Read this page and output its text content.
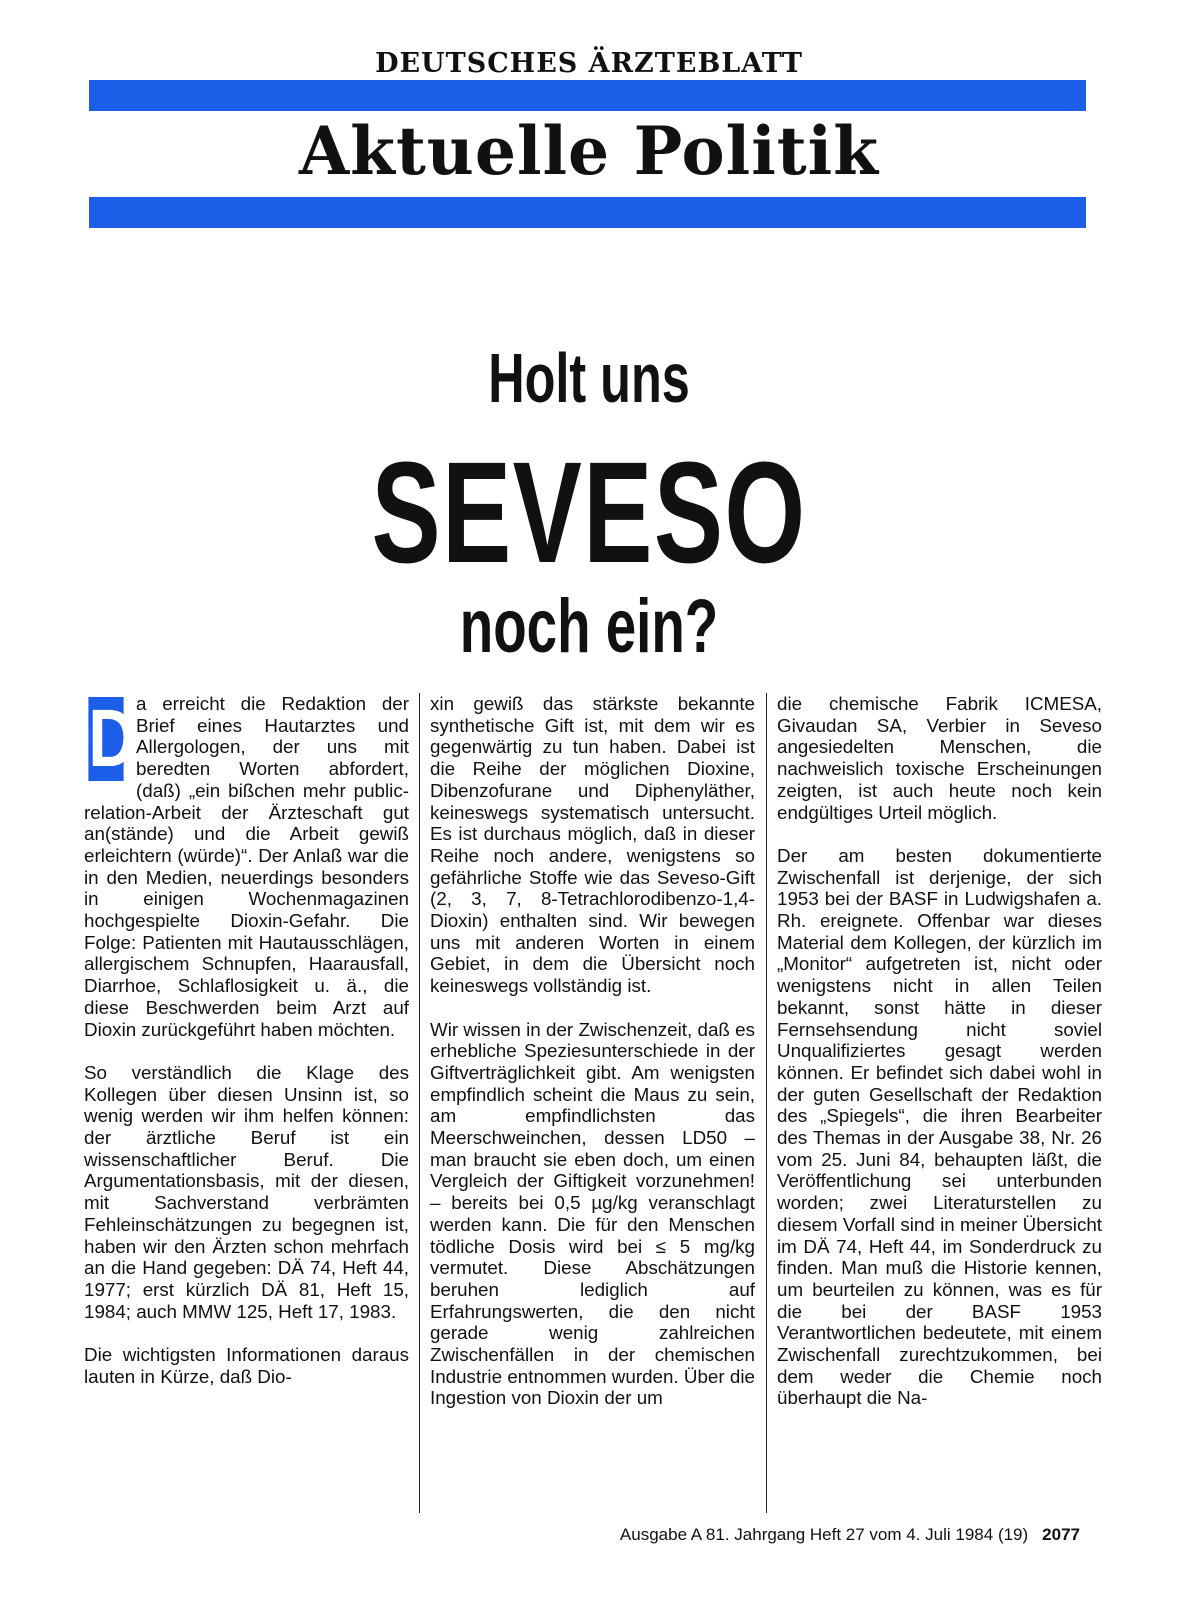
DEUTSCHES ÄRZTEBLATT
Aktuelle Politik
Holt uns
SEVESO
noch ein?

D a erreicht die Redaktion der Brief eines Hautarztes und Allergologen, der uns mit beredten Worten abfordert, (daß) „ein bißchen mehr public-relation-Arbeit der Ärzteschaft gut an(stände) und die Arbeit gewiß erleichtern (würde)“. Der Anlaß war die in den Medien, neuerdings besonders in einigen Wochenmagazinen hochgespielte Dioxin-Gefahr. Die Folge: Patienten mit Hautausschlägen, allergischem Schnupfen, Haarausfall, Diarrhoe, Schlaflosigkeit u. ä., die diese Beschwerden beim Arzt auf Dioxin zurückgeführt haben möchten.

So verständlich die Klage des Kollegen über diesen Unsinn ist, so wenig werden wir ihm helfen können: der ärztliche Beruf ist ein wissenschaftlicher Beruf. Die Argumentationsbasis, mit der diesen, mit Sachverstand verbrämten Fehleinschätzungen zu begegnen ist, haben wir den Ärzten schon mehrfach an die Hand gegeben: DÄ 74, Heft 44, 1977; erst kürzlich DÄ 81, Heft 15, 1984; auch MMW 125, Heft 17, 1983.

Die wichtigsten Informationen daraus lauten in Kürze, daß Dio-

xin gewiß das stärkste bekannte synthetische Gift ist, mit dem wir es gegenwärtig zu tun haben. Dabei ist die Reihe der möglichen Dioxine, Dibenzofurane und Diphenyläther, keineswegs systematisch untersucht. Es ist durchaus möglich, daß in dieser Reihe noch andere, wenigstens so gefährliche Stoffe wie das Seveso-Gift (2, 3, 7, 8-Tetrachlorodibenzo-1,4-Dioxin) enthalten sind. Wir bewegen uns mit anderen Worten in einem Gebiet, in dem die Übersicht noch keineswegs vollständig ist.

Wir wissen in der Zwischenzeit, daß es erhebliche Speziesunterschiede in der Giftverträglichkeit gibt. Am wenigsten empfindlich scheint die Maus zu sein, am empfindlichsten das Meerschweinchen, dessen LD50 – man braucht sie eben doch, um einen Vergleich der Giftigkeit vorzunehmen! – bereits bei 0,5 µg/kg veranschlagt werden kann. Die für den Menschen tödliche Dosis wird bei ≤ 5 mg/kg vermutet. Diese Abschätzungen beruhen lediglich auf Erfahrungswerten, die den nicht gerade wenig zahlreichen Zwischenfällen in der chemischen Industrie entnommen wurden. Über die Ingestion von Dioxin der um

die chemische Fabrik ICMESA, Givaudan SA, Verbier in Seveso angesiedelten Menschen, die nachweislich toxische Erscheinungen zeigten, ist auch heute noch kein endgültiges Urteil möglich.

Der am besten dokumentierte Zwischenfall ist derjenige, der sich 1953 bei der BASF in Ludwigshafen a. Rh. ereignete. Offenbar war dieses Material dem Kollegen, der kürzlich im „Monitor“ aufgetreten ist, nicht oder wenigstens nicht in allen Teilen bekannt, sonst hätte in dieser Fernsehsendung nicht soviel Unqualifiziertes gesagt werden können. Er befindet sich dabei wohl in der guten Gesellschaft der Redaktion des „Spiegels“, die ihren Bearbeiter des Themas in der Ausgabe 38, Nr. 26 vom 25. Juni 84, behaupten läßt, die Veröffentlichung sei unterbunden worden; zwei Literaturstellen zu diesem Vorfall sind in meiner Übersicht im DÄ 74, Heft 44, im Sonderdruck zu finden. Man muß die Historie kennen, um beurteilen zu können, was es für die bei der BASF 1953 Verantwortlichen bedeutete, mit einem Zwischenfall zurechtzukommen, bei dem weder die Chemie noch überhaupt die Na-

Ausgabe A 81. Jahrgang Heft 27 vom 4. Juli 1984 (19) 2077
